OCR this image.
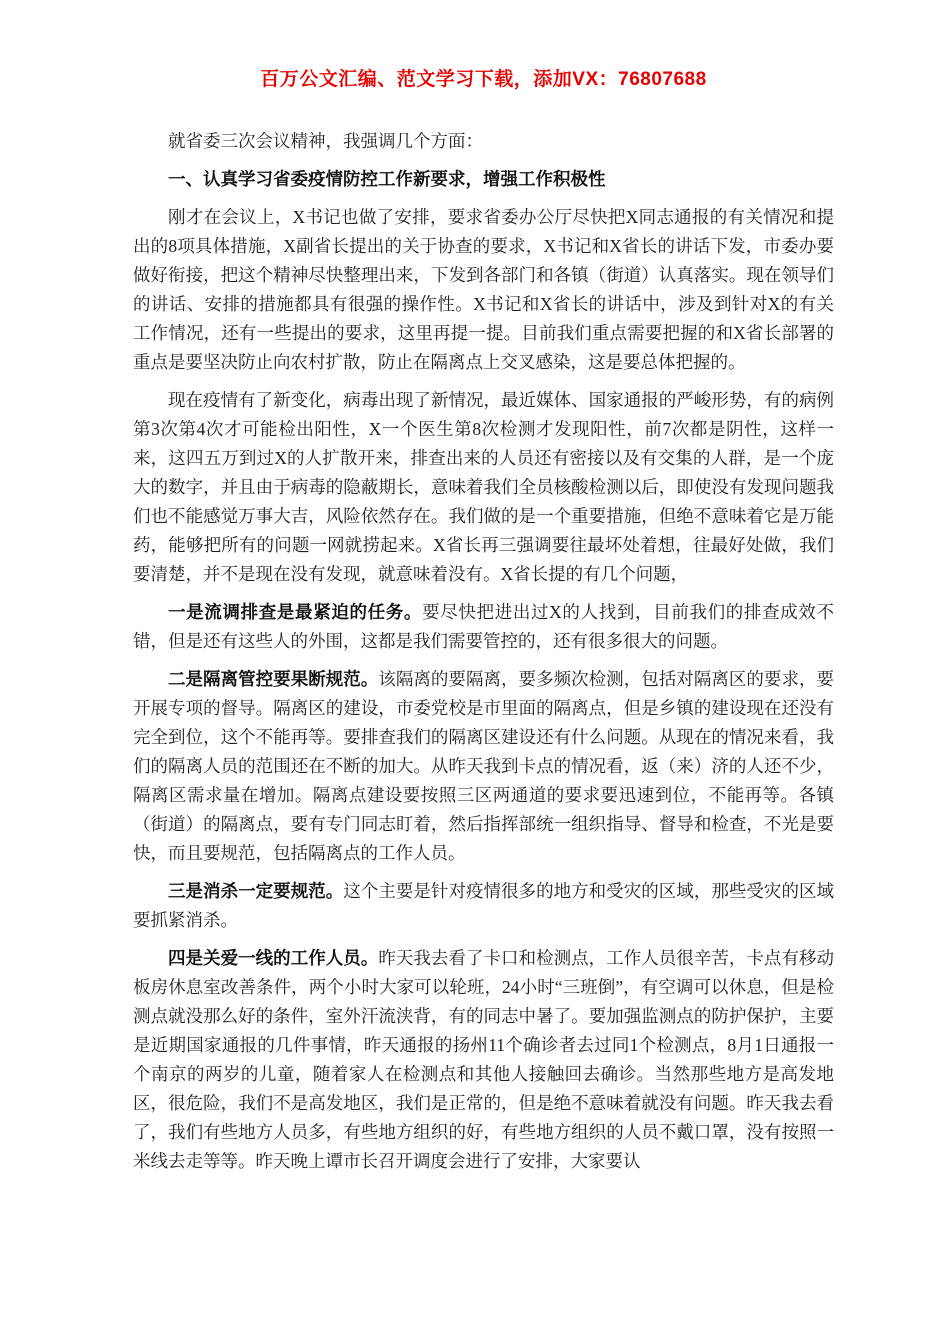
百万公文汇编、范文学习下载，添加VX：76807688

就省委三次会议精神，我强调几个方面：

一、认真学习省委疫情防控工作新要求，增强工作积极性

刚才在会议上，X书记也做了安排，要求省委办公厅尽快把X同志通报的有关情况和提出的8项具体措施，X副省长提出的关于协查的要求，X书记和X省长的讲话下发，市委办要做好衔接，把这个精神尽快整理出来，下发到各部门和各镇（街道）认真落实。现在领导们的讲话、安排的措施都具有很强的操作性。X书记和X省长的讲话中，涉及到针对X的有关工作情况，还有一些提出的要求，这里再提一提。目前我们重点需要把握的和X省长部署的重点是要坚决防止向农村扩散，防止在隔离点上交叉感染，这是要总体把握的。

现在疫情有了新变化，病毒出现了新情况，最近媒体、国家通报的严峻形势，有的病例第3次第4次才可能检出阳性，X一个医生第8次检测才发现阳性，前7次都是阴性，这样一来，这四五万到过X的人扩散开来，排查出来的人员还有密接以及有交集的人群，是一个庞大的数字，并且由于病毒的隐蔽期长，意味着我们全员核酸检测以后，即使没有发现问题我们也不能感觉万事大吉，风险依然存在。我们做的是一个重要措施，但绝不意味着它是万能药，能够把所有的问题一网就捞起来。X省长再三强调要往最坏处着想，往最好处做，我们要清楚，并不是现在没有发现，就意味着没有。X省长提的有几个问题，

一是流调排查是最紧迫的任务。要尽快把进出过X的人找到，目前我们的排查成效不错，但是还有这些人的外围，这都是我们需要管控的，还有很多很大的问题。

二是隔离管控要果断规范。该隔离的要隔离，要多频次检测，包括对隔离区的要求，要开展专项的督导。隔离区的建设，市委党校是市里面的隔离点，但是乡镇的建设现在还没有完全到位，这个不能再等。要排查我们的隔离区建设还有什么问题。从现在的情况来看，我们的隔离人员的范围还在不断的加大。从昨天我到卡点的情况看，返（来）济的人还不少，隔离区需求量在增加。隔离点建设要按照三区两通道的要求要迅速到位，不能再等。各镇（街道）的隔离点，要有专门同志盯着，然后指挥部统一组织指导、督导和检查，不光是要快，而且要规范，包括隔离点的工作人员。

三是消杀一定要规范。这个主要是针对疫情很多的地方和受灾的区域，那些受灾的区域要抓紧消杀。

四是关爱一线的工作人员。昨天我去看了卡口和检测点，工作人员很辛苦，卡点有移动板房休息室改善条件，两个小时大家可以轮班，24小时“三班倒”，有空调可以休息，但是检测点就没那么好的条件，室外汗流浃背，有的同志中暑了。要加强监测点的防护保护，主要是近期国家通报的几件事情，昨天通报的扬州11个确诊者去过同1个检测点，8月1日通报一个南京的两岁的儿童，随着家人在检测点和其他人接触回去确诊。当然那些地方是高发地区，很危险，我们不是高发地区，我们是正常的，但是绝不意味着就没有问题。昨天我去看了，我们有些地方人员多，有些地方组织的好，有些地方组织的人员不戴口罩，没有按照一米线去走等等。昨天晚上谭市长召开调度会进行了安排，大家要认
